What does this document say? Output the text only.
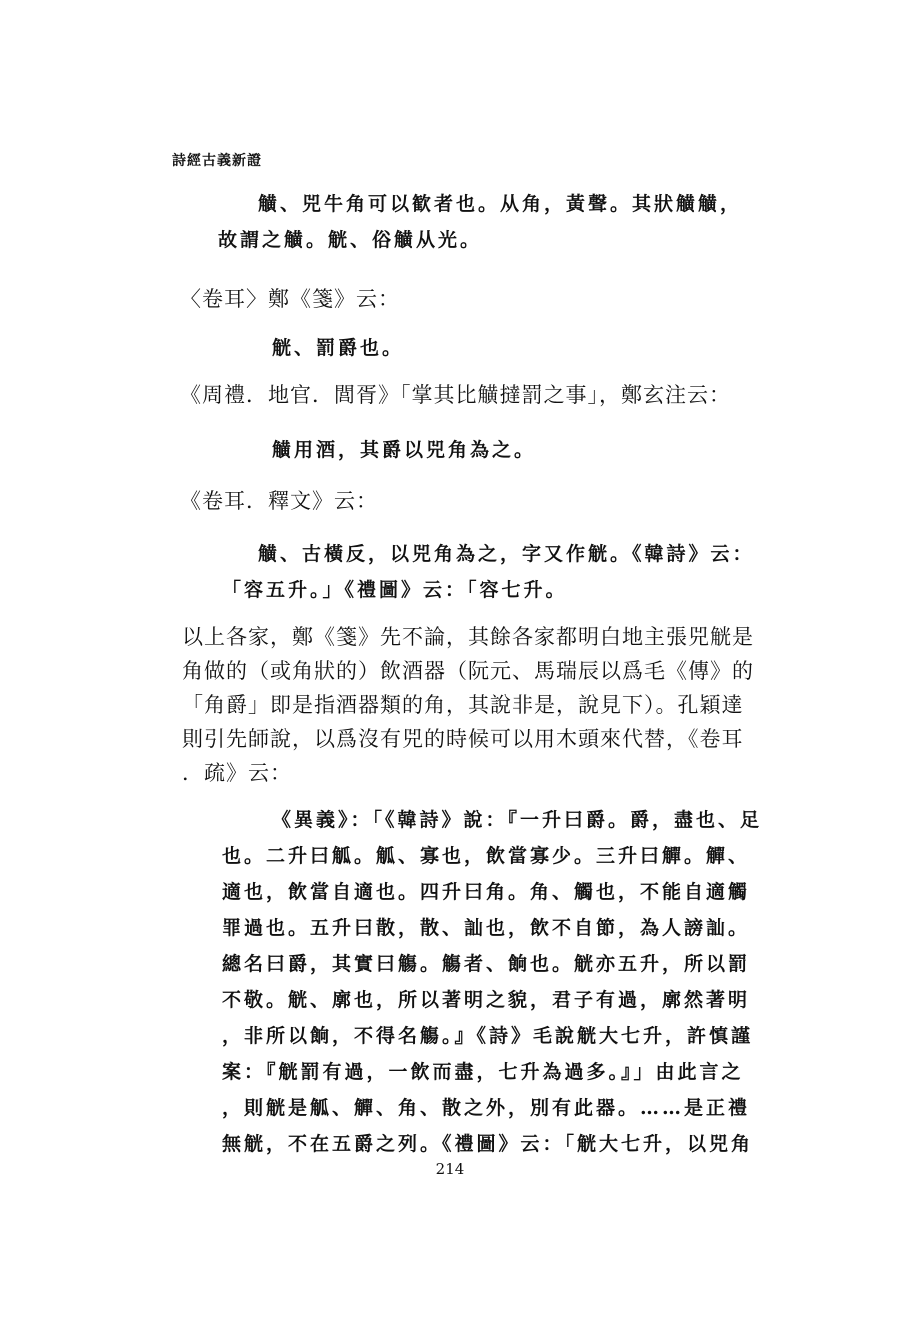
詩經古義新證
觵、兕牛角可以歓者也。从角，黃聲。其狀觵觵，
故謂之觵。觥、俗觵从光。
〈卷耳〉鄭《箋》云：
觥、罰爵也。
《周禮．地官．閭胥》「掌其比觵撻罰之事」，鄭玄注云：
觵用酒，其爵以兕角為之。
《卷耳．釋文》云：
觵、古橫反，以兕角為之，字又作觥。《韓詩》云：
「容五升。」《禮圖》云：「容七升。
以上各家，鄭《箋》先不論，其餘各家都明白地主張兕觥是
角做的（或角狀的）飲酒器（阮元、馬瑞辰以爲毛《傳》的
「角爵」即是指酒器類的角，其說非是，說見下）。孔穎達
則引先師說，以爲沒有兕的時候可以用木頭來代替，《卷耳
．疏》云：
《異義》：「《韓詩》說：『一升曰爵。爵，盡也、足
也。二升曰觚。觚、寡也，飲當寡少。三升曰觶。觶、
適也，飲當自適也。四升曰角。角、觸也，不能自適觸
罪過也。五升曰散，散、訕也，飲不自節，為人謗訕。
總名曰爵，其實曰觴。觴者、餉也。觥亦五升，所以罰
不敬。觥、廓也，所以著明之貌，君子有過，廓然著明
，非所以餉，不得名觴。』《詩》毛說觥大七升，許慎謹
案：『觥罰有過，一飲而盡，七升為過多。』」由此言之
，則觥是觚、觶、角、散之外，別有此器。……是正禮
無觥，不在五爵之列。《禮圖》云：「觥大七升，以兕角
214
